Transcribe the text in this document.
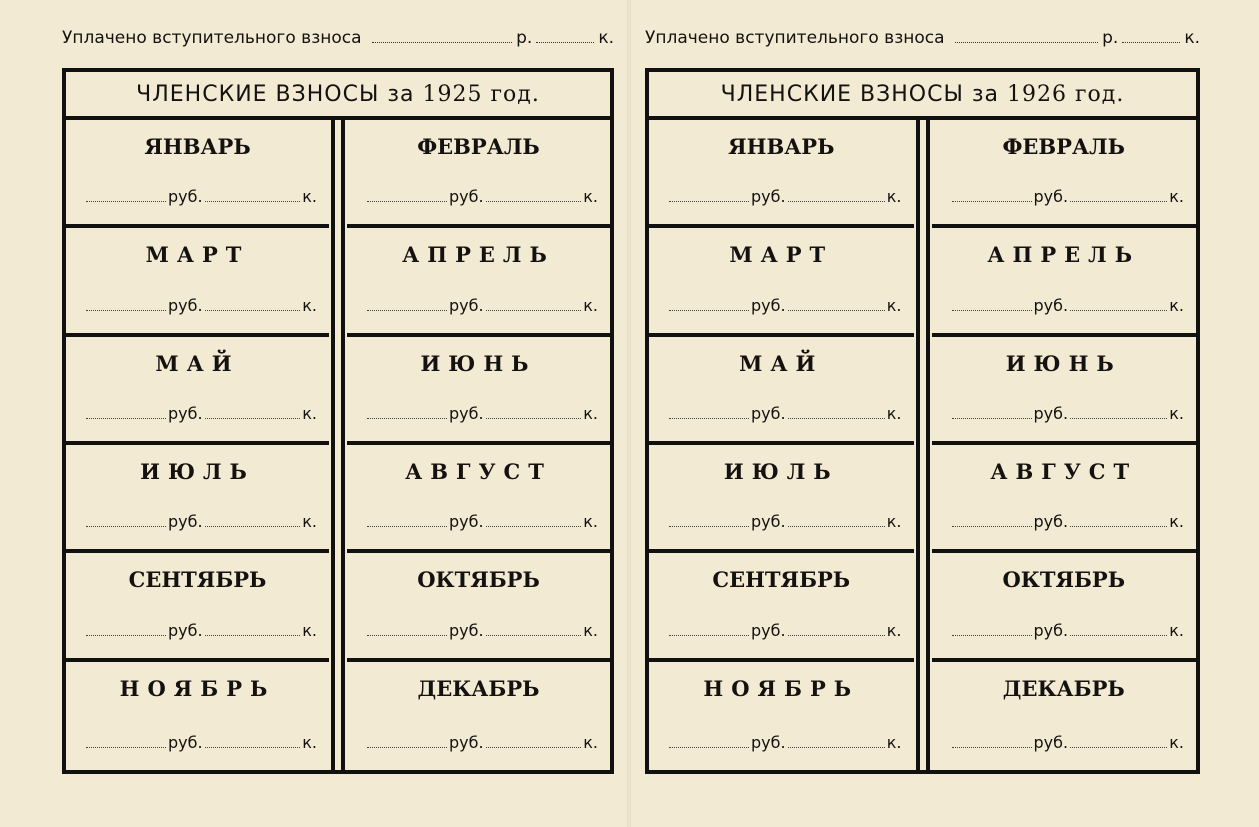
Уплачено вступительного взноса	р.	к.
ЧЛЕНСКИЕ ВЗНОСЫ за 1925 год.
ЯНВАРЬ
руб.	к.
ФЕВРАЛЬ
руб.	к.
МАРТ
руб.	к.
АПРЕЛЬ
руб.	к.
МАЙ
руб.	к.
ИЮНЬ
руб.	к.
ИЮЛЬ
руб.	к.
АВГУСТ
руб.	к.
СЕНТЯБРЬ
руб.	к.
ОКТЯБРЬ
руб.	к.
НОЯБРЬ
руб.	к.
ДЕКАБРЬ
руб.	к.
Уплачено вступительного взноса	р.	к.
ЧЛЕНСКИЕ ВЗНОСЫ за 1926 год.
ЯНВАРЬ
руб.	к.
ФЕВРАЛЬ
руб.	к.
МАРТ
руб.	к.
АПРЕЛЬ
руб.	к.
МАЙ
руб.	к.
ИЮНЬ
руб.	к.
ИЮЛЬ
руб.	к.
АВГУСТ
руб.	к.
СЕНТЯБРЬ
руб.	к.
ОКТЯБРЬ
руб.	к.
НОЯБРЬ
руб.	к.
ДЕКАБРЬ
руб.	к.
